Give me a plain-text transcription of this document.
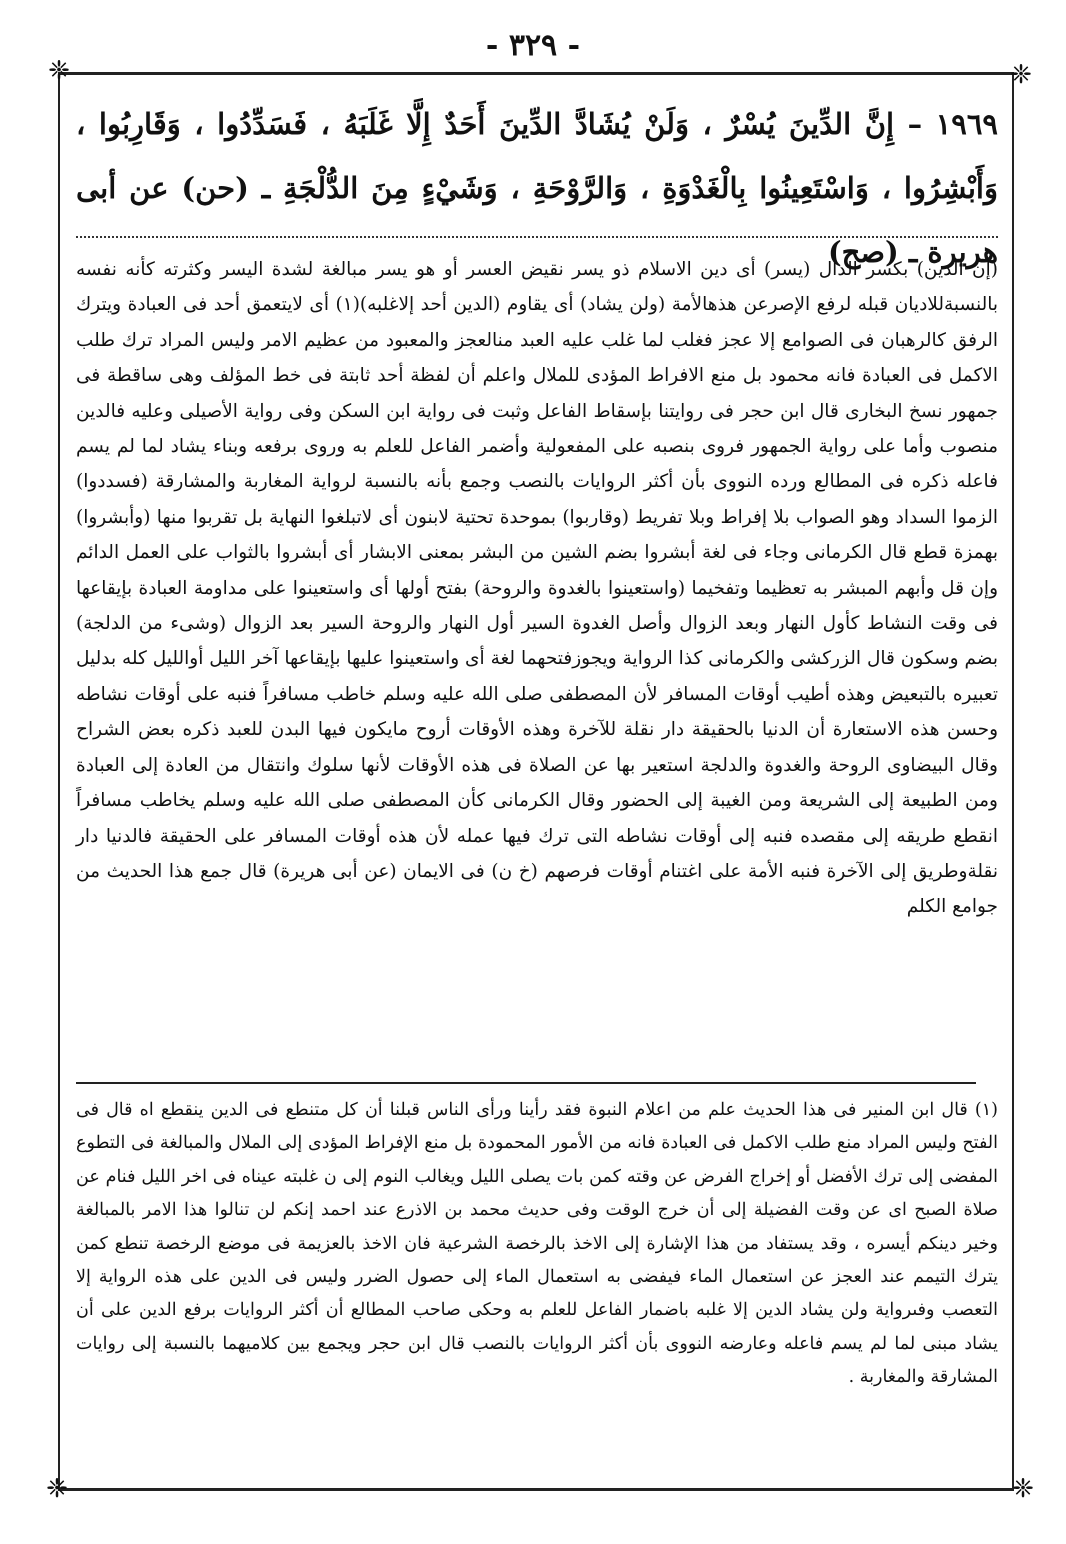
- ٣٢٩ -
❈	❈
❈	❈
١٩٦٩ – إِنَّ الدِّينَ يُسْرٌ ، وَلَنْ يُشَادَّ الدِّينَ أَحَدٌ إِلَّا غَلَبَهُ ، فَسَدِّدُوا ، وَقَارِبُوا ، وَأَبْشِرُوا ، وَاسْتَعِينُوا بِالْغَدْوَةِ ، وَالرَّوْحَةِ ، وَشَيْءٍ مِنَ الدُّلْجَةِ ـ (حن) عن أبى هريرة ـ (صح)

(إن الدين) بكسر الدال (يسر) أى دين الاسلام ذو يسر نقيض العسر أو هو يسر مبالغة لشدة اليسر وكثرته كأنه نفسه بالنسبةللاديان قبله لرفع الإصرعن هذهالأمة (ولن يشاد) أى يقاوم (الدين أحد إلاغلبه)(١) أى لايتعمق أحد فى العبادة ويترك الرفق كالرهبان فى الصوامع إلا عجز فغلب لما غلب عليه العبد منالعجز والمعبود من عظيم الامر وليس المراد ترك طلب الاكمل فى العبادة فانه محمود بل منع الافراط المؤدى للملال واعلم أن لفظة أحد ثابتة فى خط المؤلف وهى ساقطة فى جمهور نسخ البخارى قال ابن حجر فى روايتنا بإسقاط الفاعل وثبت فى رواية ابن السكن وفى رواية الأصيلى وعليه فالدين منصوب وأما على رواية الجمهور فروى بنصبه على المفعولية وأضمر الفاعل للعلم به وروى برفعه وبناء يشاد لما لم يسم فاعله ذكره فى المطالع ورده النووى بأن أكثر الروايات بالنصب وجمع بأنه بالنسبة لرواية المغاربة والمشارقة (فسددوا) الزموا السداد وهو الصواب بلا إفراط وبلا تفريط (وقاربوا) بموحدة تحتية لابنون أى لاتبلغوا النهاية بل تقربوا منها (وأبشروا) بهمزة قطع قال الكرمانى وجاء فى لغة أبشروا بضم الشين من البشر بمعنى الابشار أى أبشروا بالثواب على العمل الدائم وإن قل وأبهم المبشر به تعظيما وتفخيما (واستعينوا بالغدوة والروحة) بفتح أولها أى واستعينوا على مداومة العبادة بإيقاعها فى وقت النشاط كأول النهار وبعد الزوال وأصل الغدوة السير أول النهار والروحة السير بعد الزوال (وشىء من الدلجة) بضم وسكون قال الزركشى والكرمانى كذا الرواية ويجوزفتحهما لغة أى واستعينوا عليها بإيقاعها آخر الليل أوالليل كله بدليل تعبيره بالتبعيض وهذه أطيب أوقات المسافر لأن المصطفى صلى الله عليه وسلم خاطب مسافراً فنبه على أوقات نشاطه وحسن هذه الاستعارة أن الدنيا بالحقيقة دار نقلة للآخرة وهذه الأوقات أروح مايكون فيها البدن للعبد ذكره بعض الشراح وقال البيضاوى الروحة والغدوة والدلجة استعير بها عن الصلاة فى هذه الأوقات لأنها سلوك وانتقال من العادة إلى العبادة ومن الطبيعة إلى الشريعة ومن الغيبة إلى الحضور وقال الكرمانى كأن المصطفى صلى الله عليه وسلم يخاطب مسافراً انقطع طريقه إلى مقصده فنبه إلى أوقات نشاطه التى ترك فيها عمله لأن هذه أوقات المسافر على الحقيقة فالدنيا دار نقلةوطريق إلى الآخرة فنبه الأمة على اغتنام أوقات فرصهم (خ ن) فى الايمان (عن أبى هريرة) قال جمع هذا الحديث من جوامع الكلم

(١) قال ابن المنير فى هذا الحديث علم من اعلام النبوة فقد رأينا ورأى الناس قبلنا أن كل متنطع فى الدين ينقطع اه قال فى الفتح وليس المراد منع طلب الاكمل فى العبادة فانه من الأمور المحمودة بل منع الإفراط المؤدى إلى الملال والمبالغة فى التطوع المفضى إلى ترك الأفضل أو إخراج الفرض عن وقته كمن بات يصلى الليل ويغالب النوم إلى ن غلبته عيناه فى اخر الليل فنام عن صلاة الصبح اى عن وقت الفضيلة إلى أن خرج الوقت وفى حديث محمد بن الاذرع عند احمد إنكم لن تنالوا هذا الامر بالمبالغة وخير دينكم أيسره ، وقد يستفاد من هذا الإشارة إلى الاخذ بالرخصة الشرعية فان الاخذ بالعزيمة فى موضع الرخصة تنطع كمن يترك التيمم عند العجز عن استعمال الماء فيفضى به استعمال الماء إلى حصول الضرر وليس فى الدين على هذه الرواية إلا التعصب وفىرواية ولن يشاد الدين إلا غلبه باضمار الفاعل للعلم به وحكى صاحب المطالع أن أكثر الروايات برفع الدين على أن يشاد مبنى لما لم يسم فاعله وعارضه النووى بأن أكثر الروايات بالنصب قال ابن حجر ويجمع بين كلاميهما بالنسبة إلى روايات المشارقة والمغاربة .
